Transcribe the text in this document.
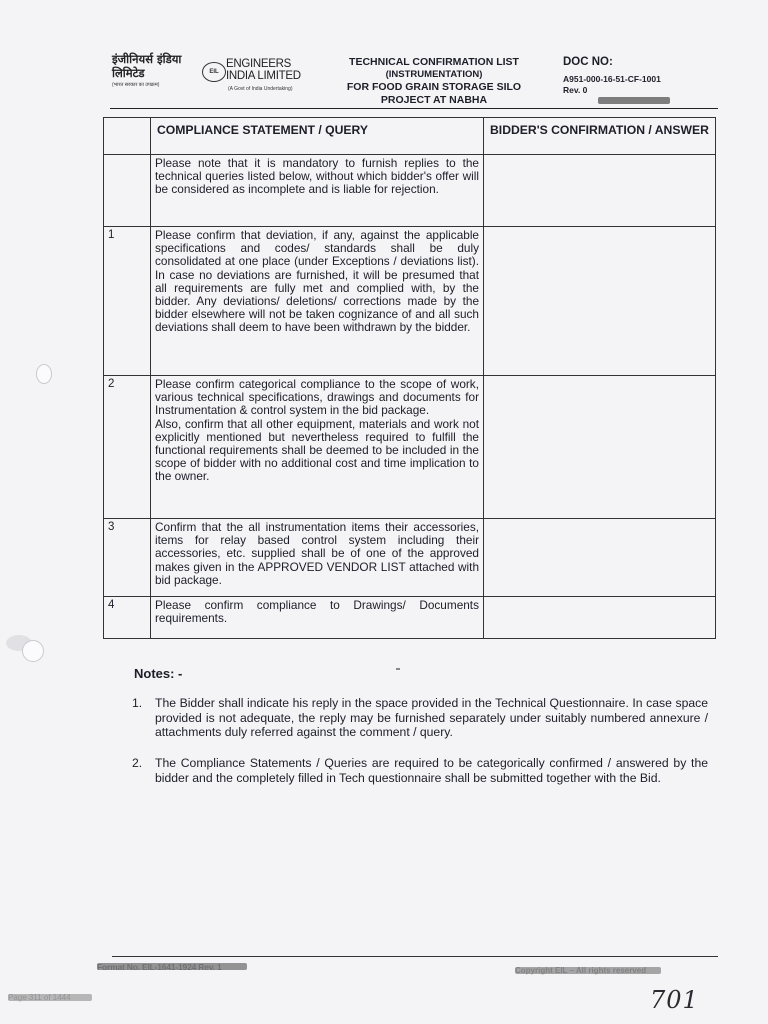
इंजीनियर्स इंडिया लिमिटेड
(भारत सरकार का उपक्रम)
EIL
ENGINEERS INDIA LIMITED
(A Govt of India Undertaking)
TECHNICAL CONFIRMATION LIST
(INSTRUMENTATION)
FOR FOOD GRAIN STORAGE SILO
PROJECT AT NABHA
DOC NO:
A951-000-16-51-CF-1001
Rev. 0
	COMPLIANCE STATEMENT / QUERY	BIDDER'S CONFIRMATION / ANSWER
	Please note that it is mandatory to furnish replies to the technical queries listed below, without which bidder's offer will be considered as incomplete and is liable for rejection.	
1	Please confirm that deviation, if any, against the applicable specifications and codes/ standards shall be duly consolidated at one place (under Exceptions / deviations list). In case no deviations are furnished, it will be presumed that all requirements are fully met and complied with, by the bidder. Any deviations/ deletions/ corrections made by the bidder elsewhere will not be taken cognizance of and all such deviations shall deem to have been withdrawn by the bidder.	
2	Please confirm categorical compliance to the scope of work, various technical specifications, drawings and documents for Instrumentation & control system in the bid package.
Also, confirm that all other equipment, materials and work not explicitly mentioned but nevertheless required to fulfill the functional requirements shall be deemed to be included in the scope of bidder with no additional cost and time implication to the owner.	

3	Confirm that the all instrumentation items their accessories, items for relay based control system including their accessories, etc. supplied shall be of one of the approved makes given in the APPROVED VENDOR LIST attached with bid package.	
4	Please confirm compliance to Drawings/ Documents requirements.	
Notes: -
1.	The Bidder shall indicate his reply in the space provided in the Technical Questionnaire. In case space provided is not adequate, the reply may be furnished separately under suitably numbered annexure / attachments duly referred against the comment / query.
2.	The Compliance Statements / Queries are required to be categorically confirmed / answered by the bidder and the completely filled in Tech questionnaire shall be submitted together with the Bid.
Format No. EIL-1641-1924 Rev. 1	Copyright EIL – All rights reserved
Page 311 of 1444	701
